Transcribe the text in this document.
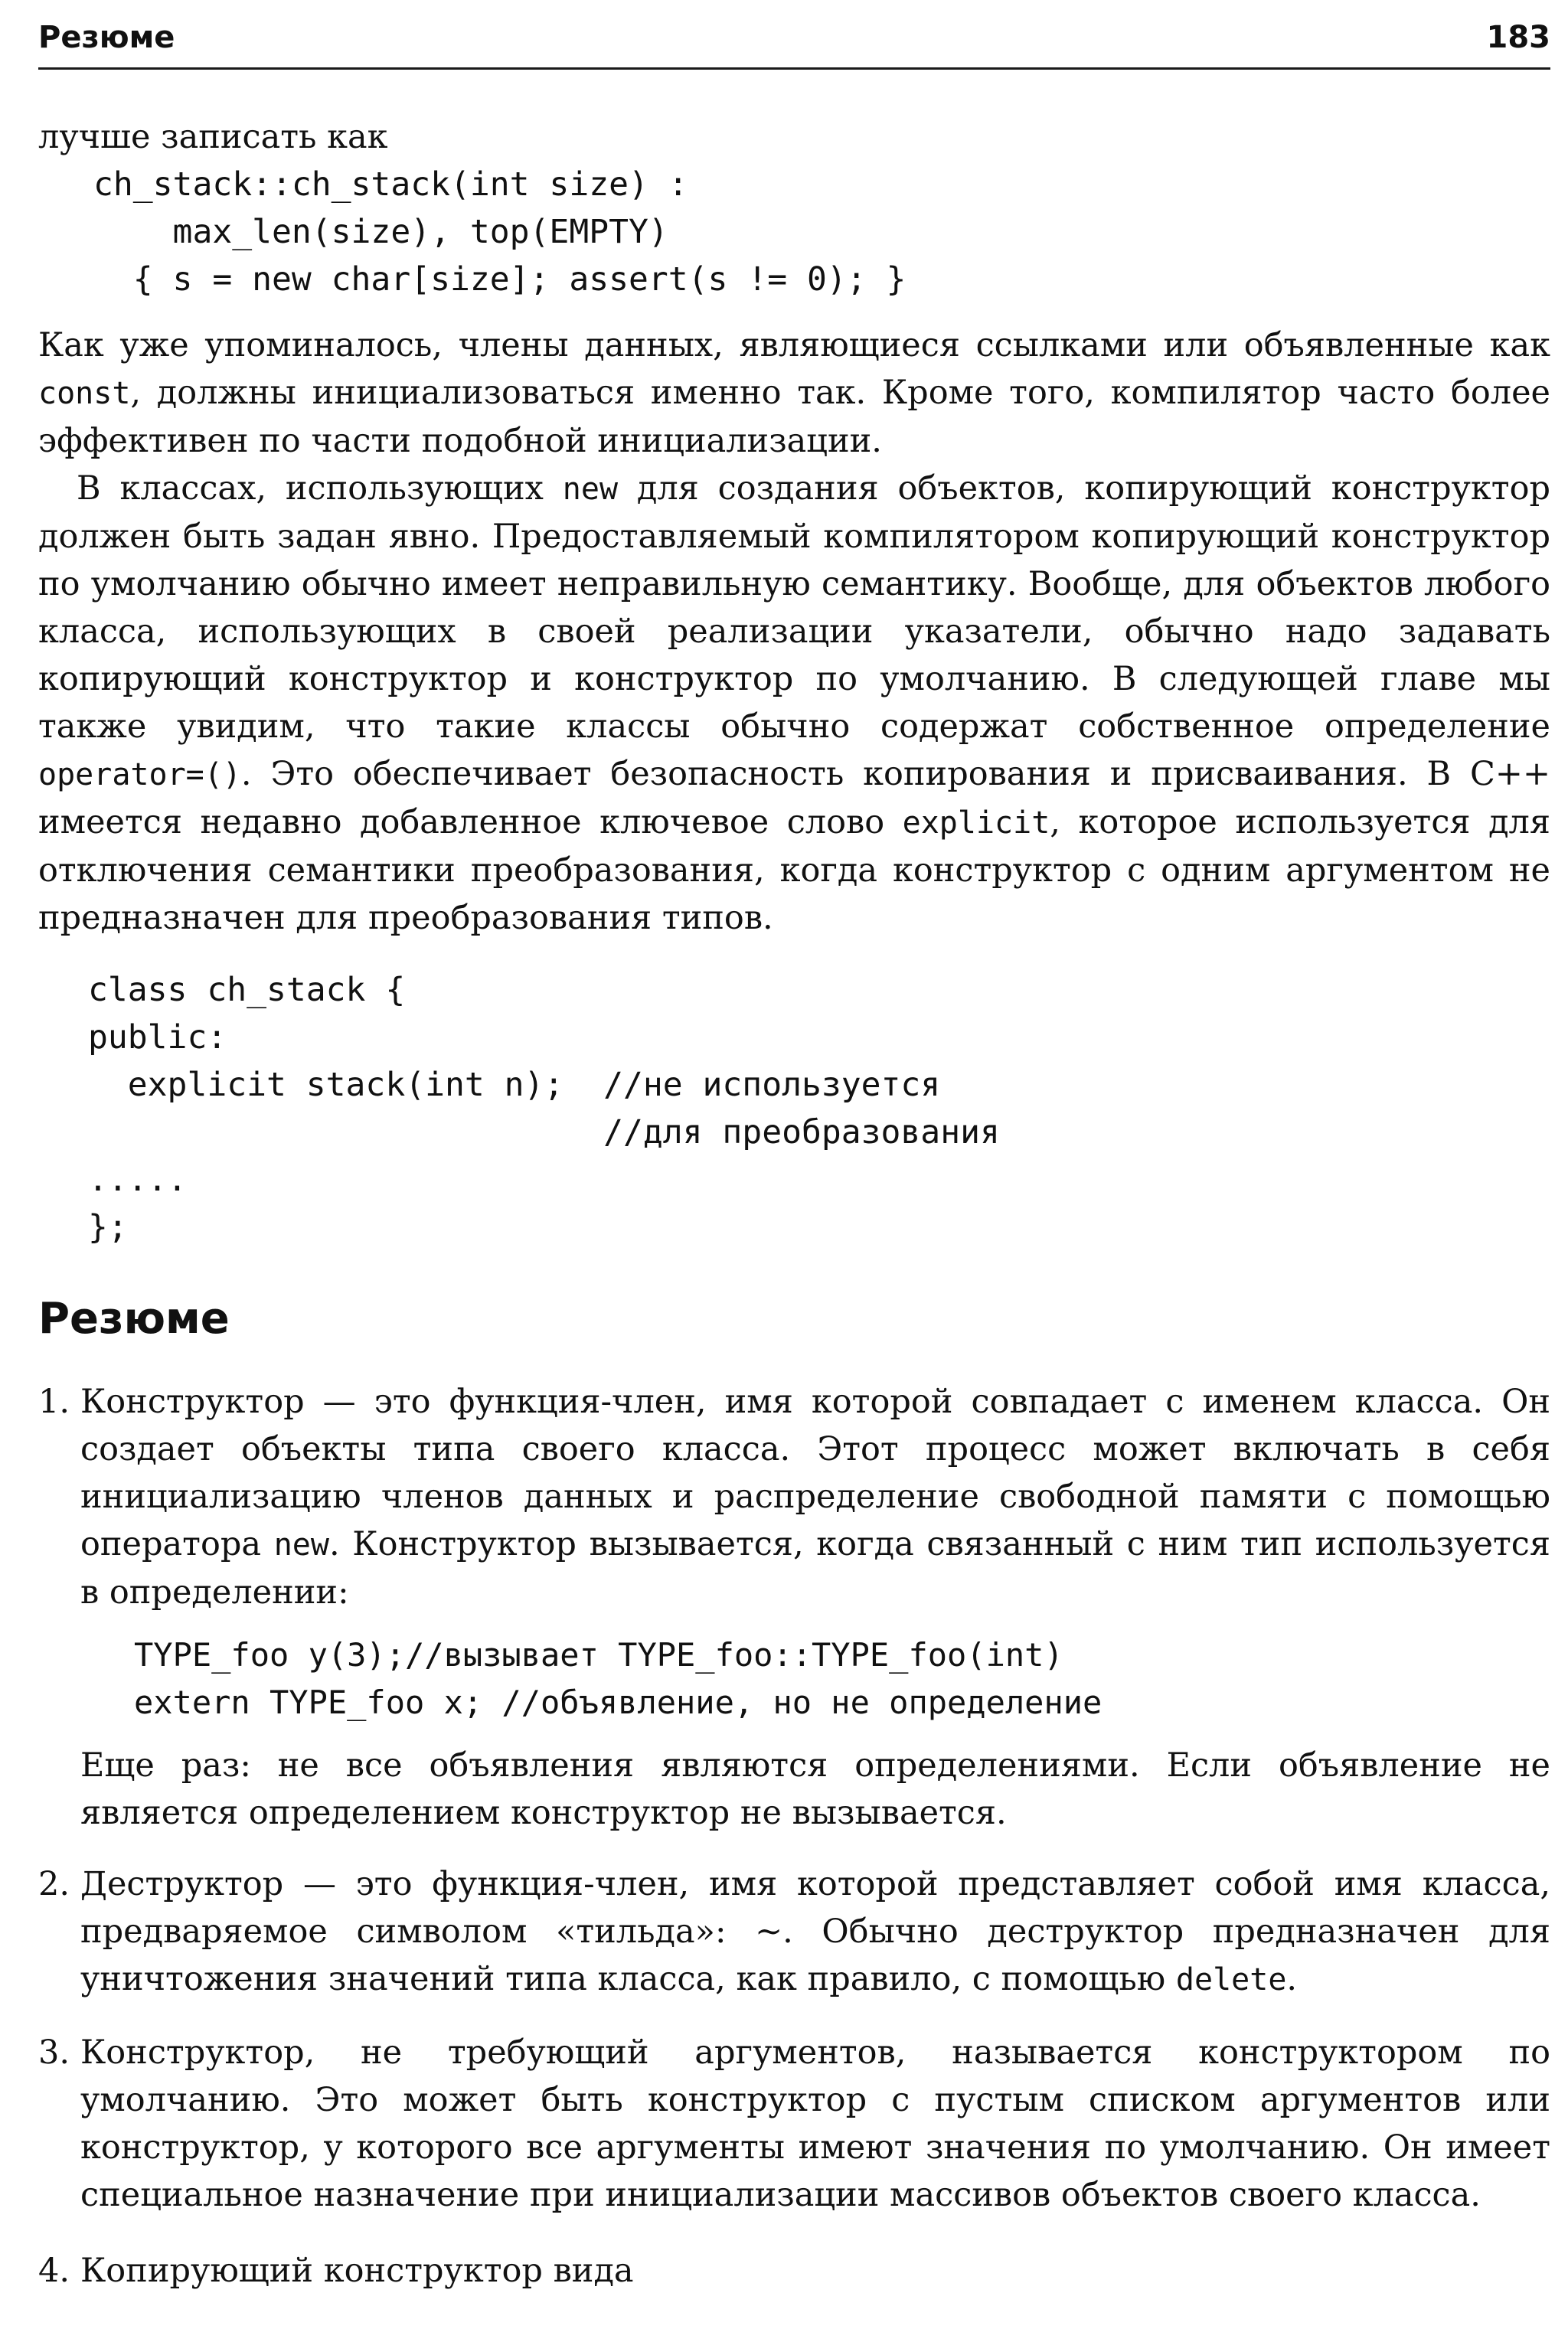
Резюме	183

лучше записать как

ch_stack::ch_stack(int size) :

max_len(size), top(EMPTY)

{ s = new char[size]; assert(s != 0); }

Как уже упоминалось, члены данных, являющиеся ссылками или объявленные как const, должны инициализоваться именно так. Кроме того, компилятор часто более эффективен по части подобной инициализации.

В классах, использующих new для создания объектов, копирующий конструктор должен быть задан явно. Предоставляемый компилятором копирующий конструктор по умолчанию обычно имеет неправильную семантику. Вообще, для объектов любого класса, использующих в своей реализации указатели, обычно надо задавать копирующий конструктор и конструктор по умолчанию. В следующей главе мы также увидим, что такие классы обычно содержат собственное определение operator=(). Это обеспечивает безопасность копирования и присваивания. В C++ имеется недавно добавленное ключевое слово explicit, которое используется для отключения семантики преобразования, когда конструктор с одним аргументом не предназначен для преобразования типов.

class ch_stack {

public:

explicit stack(int n);  //не используется

//для преобразования

.....

};

Резюме
1. Конструктор — это функция-член, имя которой совпадает с именем класса. Он создает объекты типа своего класса. Этот процесс может включать в себя инициализацию членов данных и распределение свободной памяти с помощью оператора new. Конструктор вызывается, когда связанный с ним тип используется в определении:

TYPE_foo y(3);//вызывает TYPE_foo::TYPE_foo(int)

extern TYPE_foo x; //объявление, но не определение

Еще раз: не все объявления являются определениями. Если объявление не является определением конструктор не вызывается.

2. Деструктор — это функция-член, имя которой представляет собой имя класса, предваряемое символом «тильда»: ~. Обычно деструктор предназначен для уничтожения значений типа класса, как правило, с помощью delete.

3. Конструктор, не требующий аргументов, называется конструктором по умолчанию. Это может быть конструктор с пустым списком аргументов или конструктор, у которого все аргументы имеют значения по умолчанию. Он имеет специальное назначение при инициализации массивов объектов своего класса.

4. Копирующий конструктор вида
